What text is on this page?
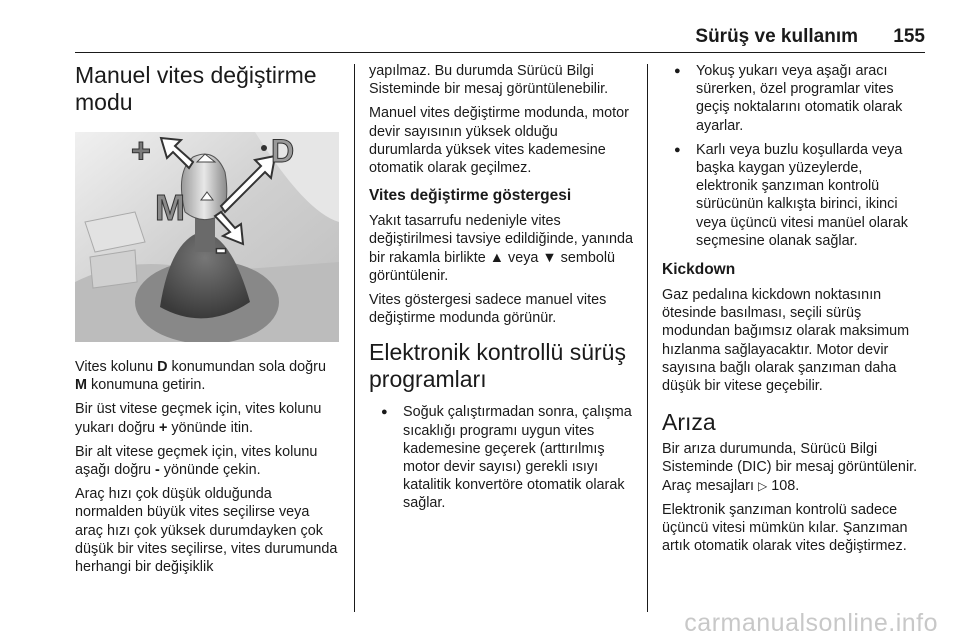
Sürüş ve kullanım 155
Manuel vites değiştirme modu
+
M
D
-

Vites kolunu D konumundan sola doğru M konumuna getirin.

Bir üst vitese geçmek için, vites kolunu yukarı doğru + yönünde itin.

Bir alt vitese geçmek için, vites kolunu aşağı doğru - yönünde çekin.

Araç hızı çok düşük olduğunda normalden büyük vites seçilirse veya araç hızı çok yüksek durumdayken çok düşük bir vites seçilirse, vites durumunda herhangi bir değişiklik

yapılmaz. Bu durumda Sürücü Bilgi Sisteminde bir mesaj görüntülenebilir.

Manuel vites değiştirme modunda, motor devir sayısının yüksek olduğu durumlarda yüksek vites kademesine otomatik olarak geçilmez.

Vites değiştirme göstergesi

Yakıt tasarrufu nedeniyle vites değiştirilmesi tavsiye edildiğinde, yanında bir rakamla birlikte ▲ veya ▼ sembolü görüntülenir.

Vites göstergesi sadece manuel vites değiştirme modunda görünür.

Elektronik kontrollü sürüş programları
● Soğuk çalıştırmadan sonra, çalışma sıcaklığı programı uygun vites kademesine geçerek (arttırılmış motor devir sayısı) gerekli ısıyı katalitik konvertöre otomatik olarak sağlar.
● Yokuş yukarı veya aşağı aracı sürerken, özel programlar vites geçiş noktalarını otomatik olarak ayarlar.
● Karlı veya buzlu koşullarda veya başka kaygan yüzeylerde, elektronik şanzıman kontrolü sürücünün kalkışta birinci, ikinci veya üçüncü vitesi manüel olarak seçmesine olanak sağlar.
Kickdown

Gaz pedalına kickdown noktasının ötesinde basılması, seçili sürüş modundan bağımsız olarak maksimum hızlanma sağlayacaktır. Motor devir sayısına bağlı olarak şanzıman daha düşük bir vitese geçebilir.

Arıza

Bir arıza durumunda, Sürücü Bilgi Sisteminde (DIC) bir mesaj görüntülenir. Araç mesajları ▷ 108.

Elektronik şanzıman kontrolü sadece üçüncü vitesi mümkün kılar. Şanzıman artık otomatik olarak vites değiştirmez.

carmanualsonline.info
